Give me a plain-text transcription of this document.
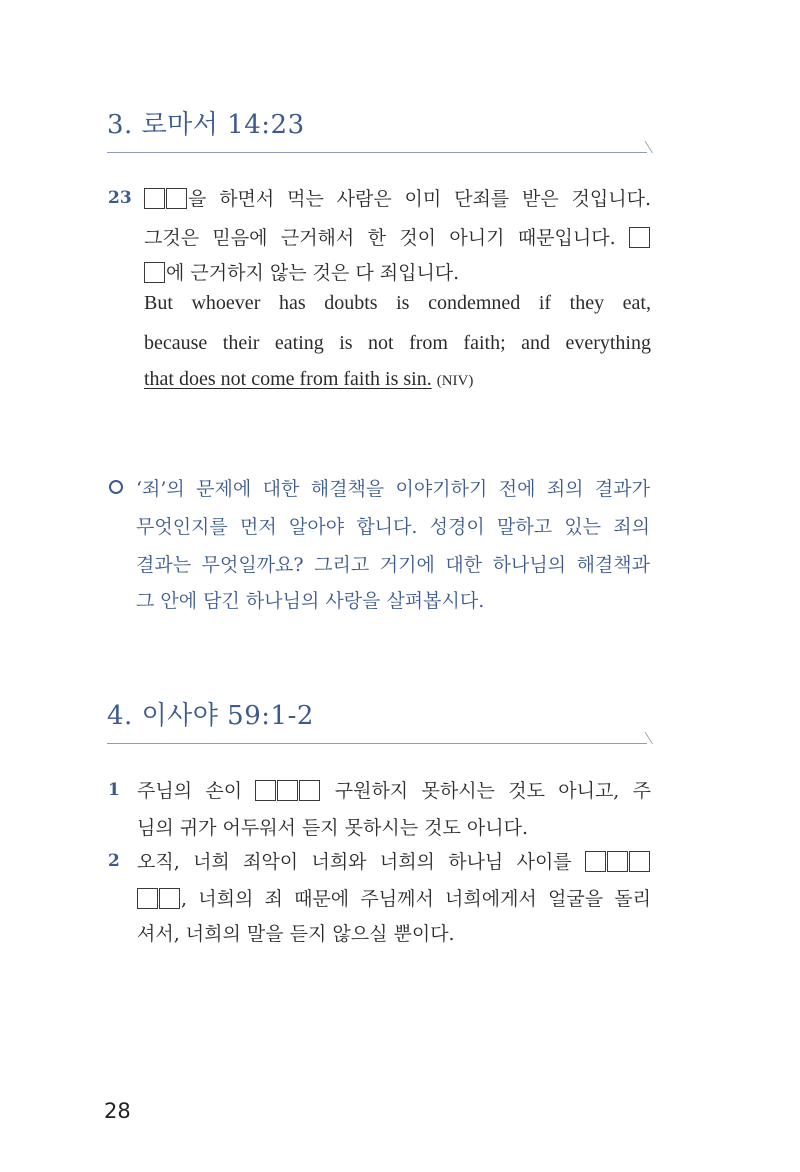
3. 로마서 14:23
23	을 하면서 먹는 사람은 이미 단죄를 받은 것입니다.
그것은 믿음에 근거해서 한 것이 아니기 때문입니다.
에 근거하지 않는 것은 다 죄입니다.
But whoever has doubts is condemned if they eat,
because their eating is not from faith; and everything
that does not come from faith is sin. (NIV)
‘죄’의 문제에 대한 해결책을 이야기하기 전에 죄의 결과가
무엇인지를 먼저 알아야 합니다. 성경이 말하고 있는 죄의
결과는 무엇일까요? 그리고 거기에 대한 하나님의 해결책과
그 안에 담긴 하나님의 사랑을 살펴봅시다.
4. 이사야 59:1-2
1 주님의 손이	구원하지 못하시는 것도 아니고, 주
님의 귀가 어두워서 듣지 못하시는 것도 아니다.
2 오직, 너희 죄악이 너희와 너희의 하나님 사이를
, 너희의 죄 때문에 주님께서 너희에게서 얼굴을 돌리
셔서, 너희의 말을 듣지 않으실 뿐이다.
28
